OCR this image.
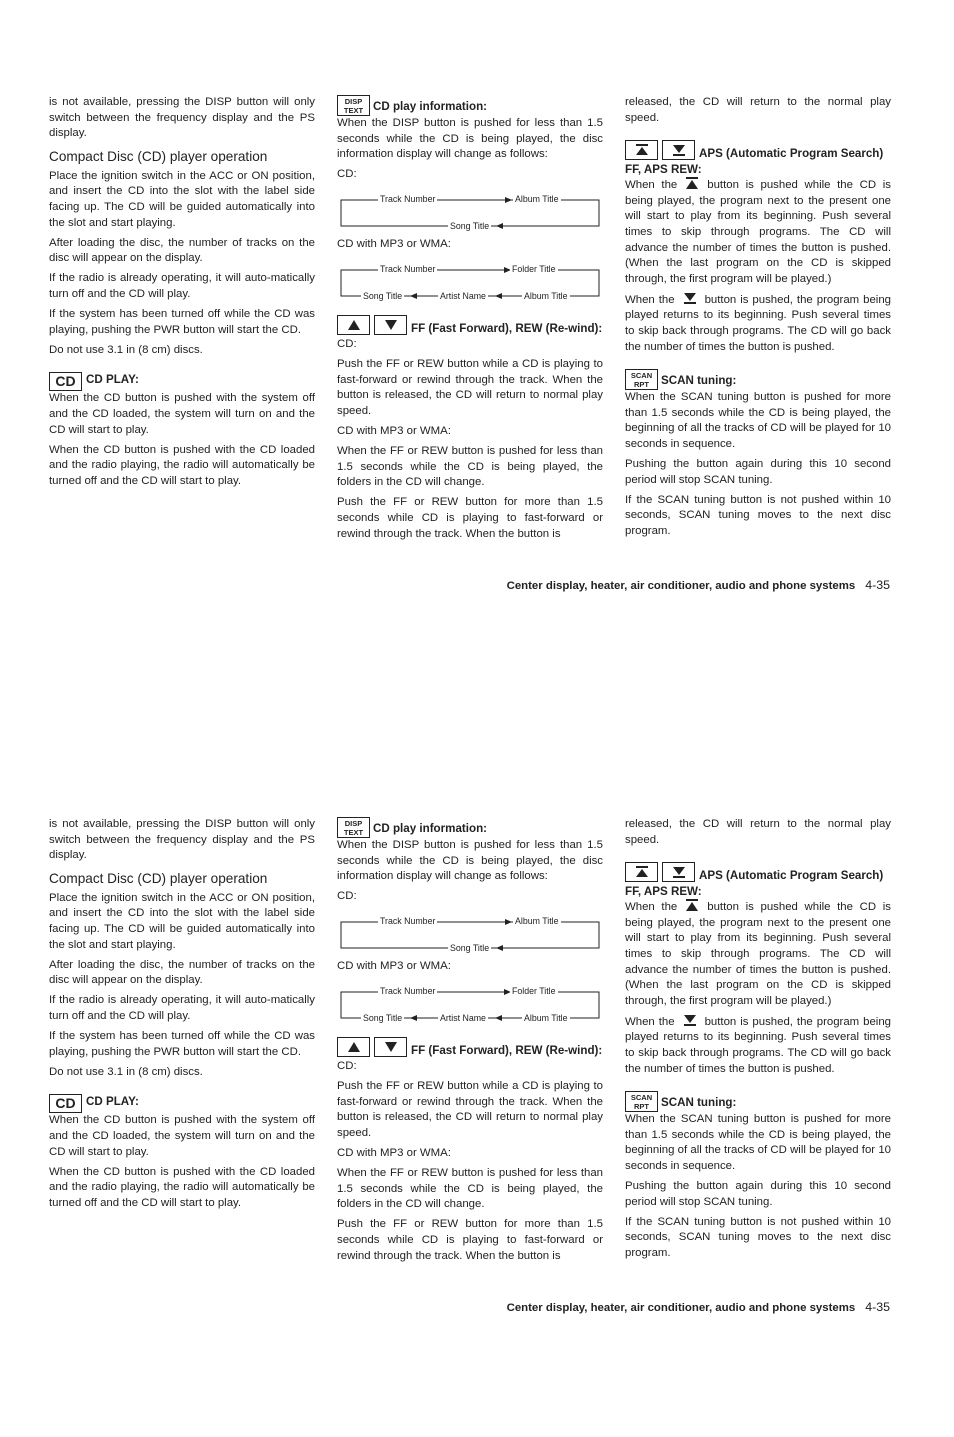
is not available, pressing the DISP button will only switch between the frequency display and the PS display.

Compact Disc (CD) player operation

Place the ignition switch in the ACC or ON position, and insert the CD into the slot with the label side facing up. The CD will be guided automatically into the slot and start playing.

After loading the disc, the number of tracks on the disc will appear on the display.

If the radio is already operating, it will auto-matically turn off and the CD will play.

If the system has been turned off while the CD was playing, pushing the PWR button will start the CD.

Do not use 3.1 in (8 cm) discs.

CD CD PLAY:

When the CD button is pushed with the system off and the CD loaded, the system will turn on and the CD will start to play.

When the CD button is pushed with the CD loaded and the radio playing, the radio will automatically be turned off and the CD will start to play.

DISP
TEXT CD play information:

When the DISP button is pushed for less than 1.5 seconds while the CD is being played, the disc information display will change as follows:

CD:

Track Number	Album Title
Song Title

CD with MP3 or WMA:

Track Number	Folder Title
Song Title	Artist Name	Album Title
FF (Fast Forward), REW (Re-wind):

CD:

Push the FF or REW button while a CD is playing to fast-forward or rewind through the track. When the button is released, the CD will return to normal play speed.

CD with MP3 or WMA:

When the FF or REW button is pushed for less than 1.5 seconds while the CD is being played, the folders in the CD will change.

Push the FF or REW button for more than 1.5 seconds while CD is playing to fast-forward or rewind through the track. When the button is

released, the CD will return to the normal play speed.

APS (Automatic Program Search) FF, APS REW:

When the	button is pushed while the CD is being played, the program next to the present one will start to play from its beginning. Push several times to skip through programs. The CD will advance the number of times the button is pushed. (When the last program on the CD is skipped through, the first program will be played.)

When the	button is pushed, the program being played returns to its beginning. Push several times to skip back through programs. The CD will go back the number of times the button is pushed.

SCAN
RPT SCAN tuning:

When the SCAN tuning button is pushed for more than 1.5 seconds while the CD is being played, the beginning of all the tracks of CD will be played for 10 seconds in sequence.

Pushing the button again during this 10 second period will stop SCAN tuning.

If the SCAN tuning button is not pushed within 10 seconds, SCAN tuning moves to the next disc program.

Center display, heater, air conditioner, audio and phone systems 4-35

is not available, pressing the DISP button will only switch between the frequency display and the PS display.

Compact Disc (CD) player operation

Place the ignition switch in the ACC or ON position, and insert the CD into the slot with the label side facing up. The CD will be guided automatically into the slot and start playing.

After loading the disc, the number of tracks on the disc will appear on the display.

If the radio is already operating, it will auto-matically turn off and the CD will play.

If the system has been turned off while the CD was playing, pushing the PWR button will start the CD.

Do not use 3.1 in (8 cm) discs.

CD CD PLAY:

When the CD button is pushed with the system off and the CD loaded, the system will turn on and the CD will start to play.

When the CD button is pushed with the CD loaded and the radio playing, the radio will automatically be turned off and the CD will start to play.

DISP
TEXT CD play information:

When the DISP button is pushed for less than 1.5 seconds while the CD is being played, the disc information display will change as follows:

CD:

Track Number	Album Title
Song Title

CD with MP3 or WMA:

Track Number	Folder Title
Song Title	Artist Name	Album Title
FF (Fast Forward), REW (Re-wind):

CD:

Push the FF or REW button while a CD is playing to fast-forward or rewind through the track. When the button is released, the CD will return to normal play speed.

CD with MP3 or WMA:

When the FF or REW button is pushed for less than 1.5 seconds while the CD is being played, the folders in the CD will change.

Push the FF or REW button for more than 1.5 seconds while CD is playing to fast-forward or rewind through the track. When the button is

released, the CD will return to the normal play speed.

APS (Automatic Program Search) FF, APS REW:

When the	button is pushed while the CD is being played, the program next to the present one will start to play from its beginning. Push several times to skip through programs. The CD will advance the number of times the button is pushed. (When the last program on the CD is skipped through, the first program will be played.)

When the	button is pushed, the program being played returns to its beginning. Push several times to skip back through programs. The CD will go back the number of times the button is pushed.

SCAN
RPT SCAN tuning:

When the SCAN tuning button is pushed for more than 1.5 seconds while the CD is being played, the beginning of all the tracks of CD will be played for 10 seconds in sequence.

Pushing the button again during this 10 second period will stop SCAN tuning.

If the SCAN tuning button is not pushed within 10 seconds, SCAN tuning moves to the next disc program.

Center display, heater, air conditioner, audio and phone systems 4-35
